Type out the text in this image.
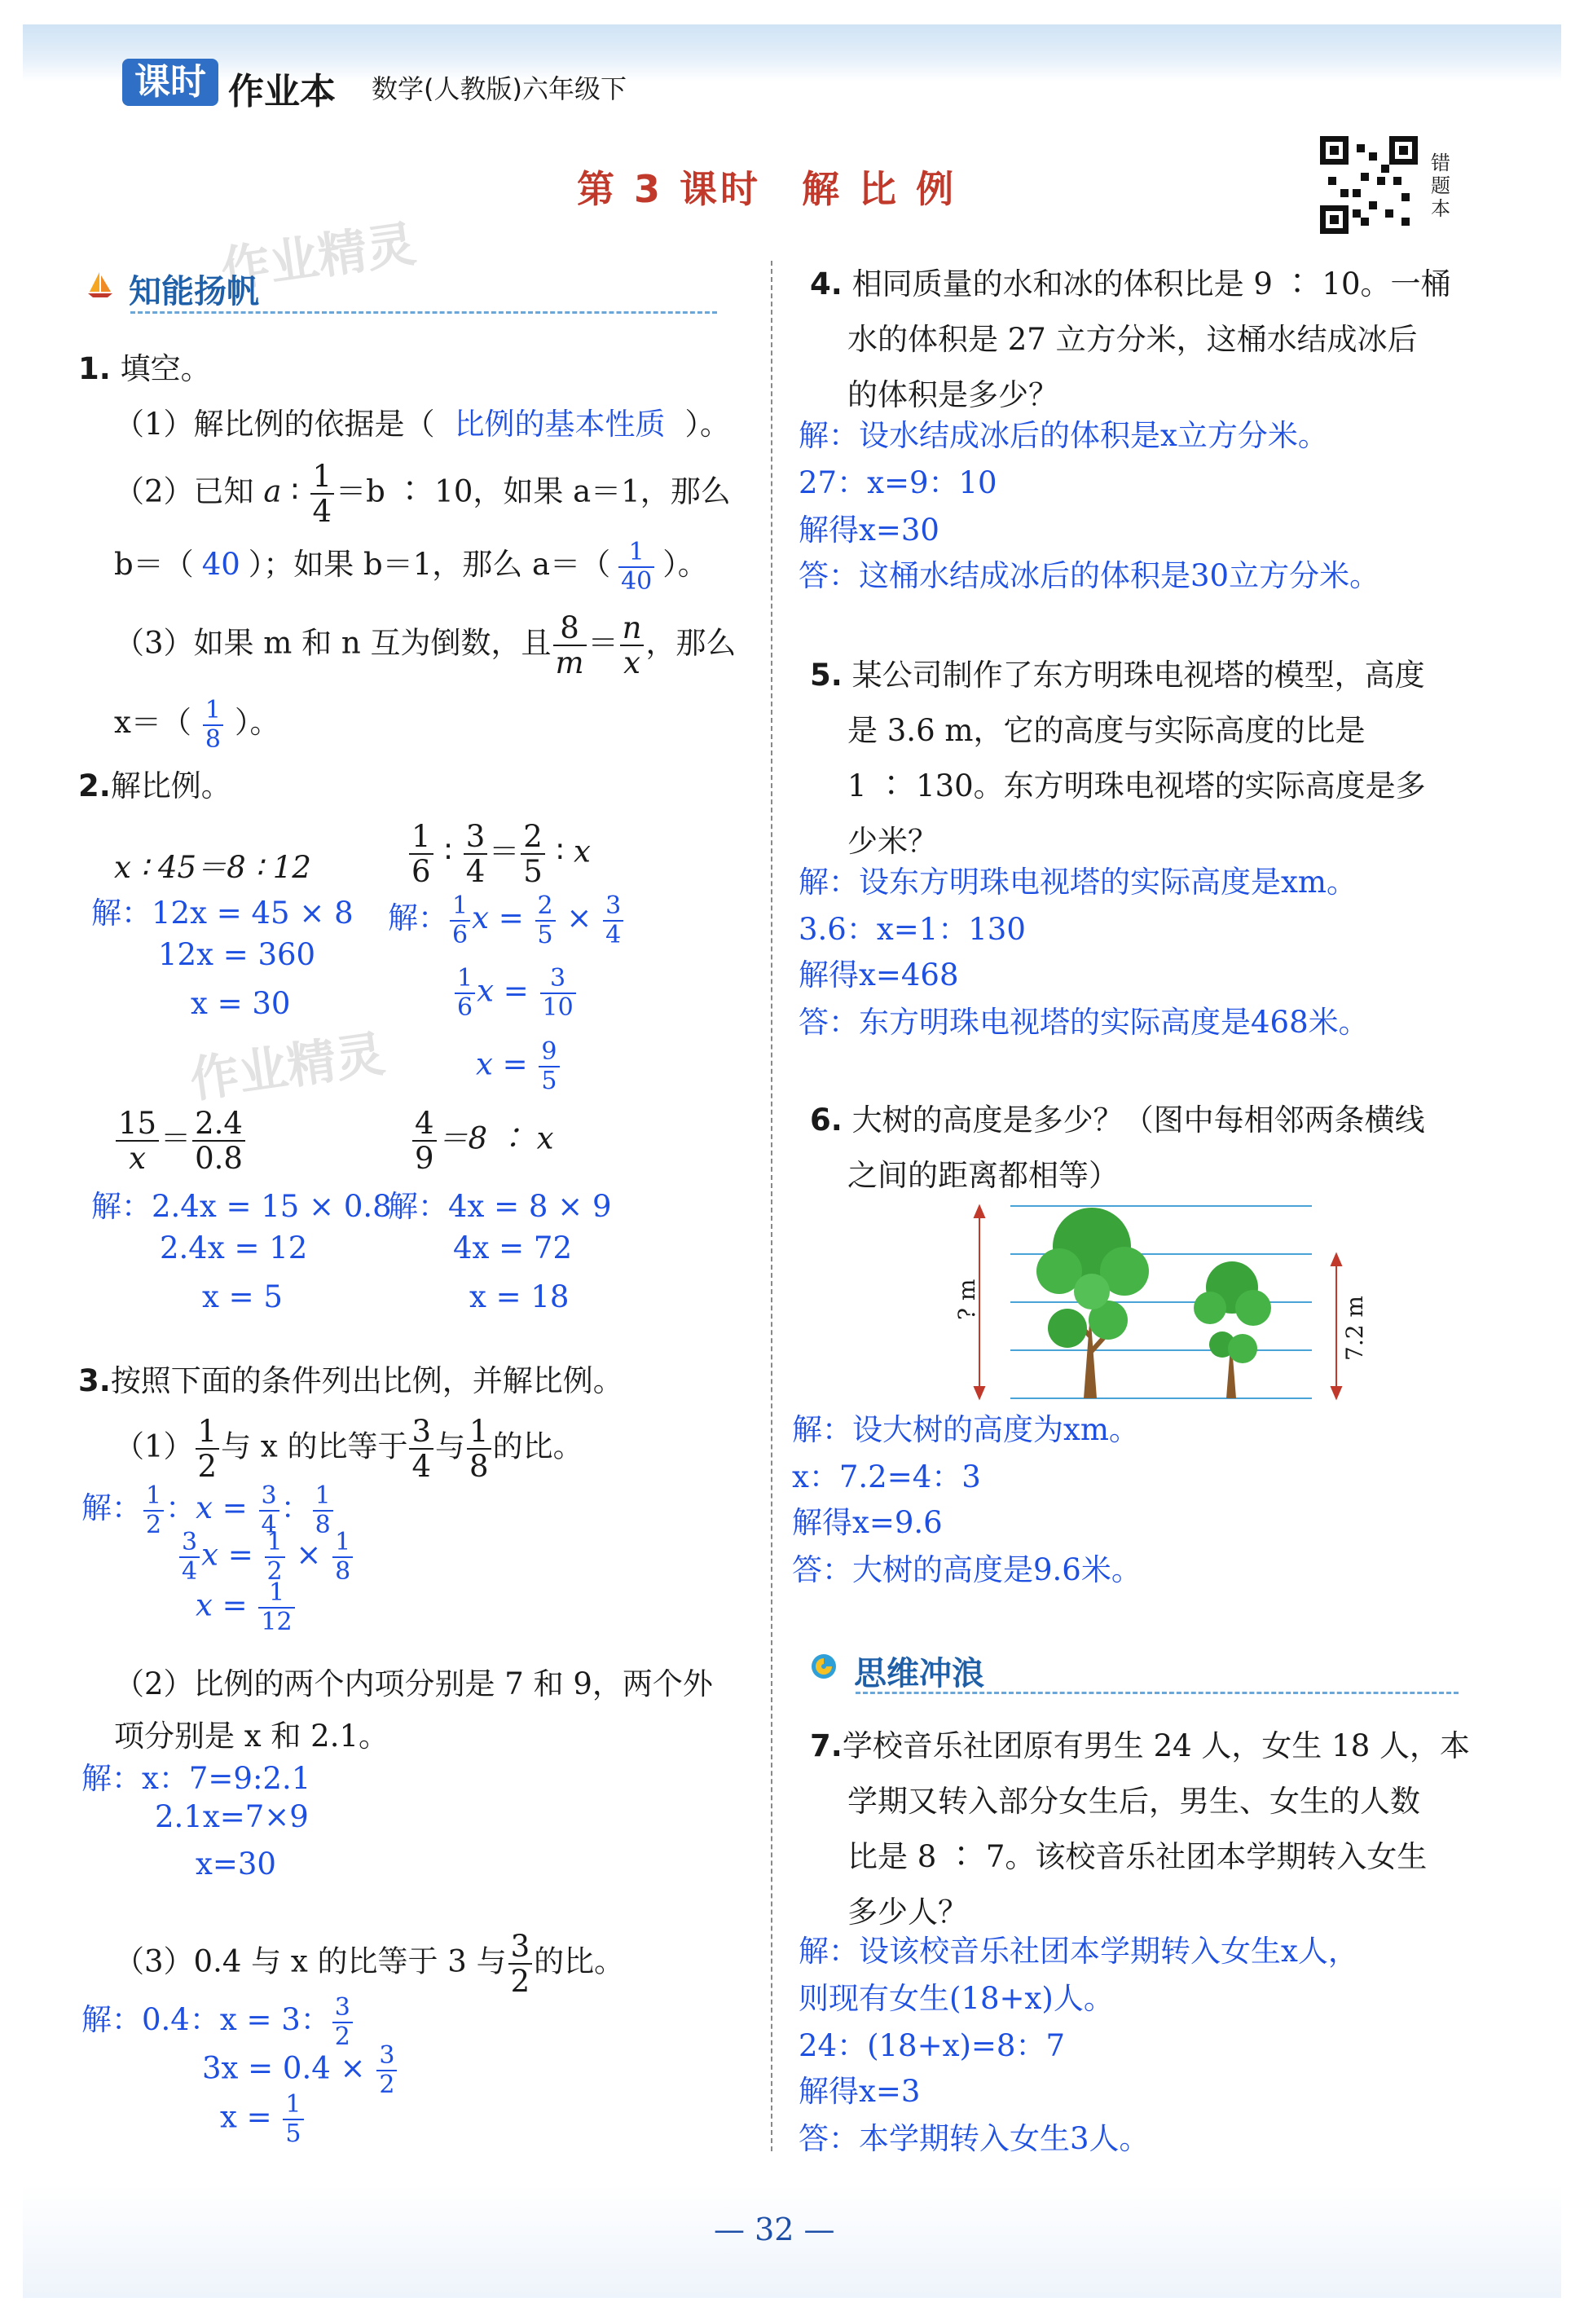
课时 作业本 数学(人教版)六年级下
第 3 课时　解 比 例
错题本
作业精灵
作业精灵
知能扬帆
1. 填空。
（1）解比例的依据是（ 比例的基本性质 ）。
（2）已知 a ∶ $\frac{1}{4} =b$ ∶ 10，如果 a＝1，那么
b＝（ 40 ）；如果 b＝1，那么 $a=( \frac{1}{40}$ ）。
（3）如果 m 和 n 互为倒数，且 $\frac{8}{m} = \frac{n}{x}$ ，那么
$x=( \frac{1}{8}$ ）。
2.解比例。
x ∶ 45＝8 ∶ 12
解：12x = 45 × 8
12x = 360
x = 30
$\frac{1}{6}$ ∶ $\frac{3}{4} = \frac{2}{5}$ ∶ x
解： $\frac{1}{6}$ $x = \frac{2}{5} \times \frac{3}{4}$
$\frac{1}{6}$ $x = \frac{3}{10}$
$x = \frac{9}{5}$
$\frac{15}{x} = \frac{2.4}{0.8}$
解：2.4x = 15 × 0.8
2.4x = 12
x = 5
$\frac{4}{9} =8$ ∶ x
解：4x = 8 × 9
4x = 72
x = 18
3.按照下面的条件列出比例，并解比例。
$(1) \frac{1}{2}$ 与 x 的比等于 $\frac{3}{4}$ 与 $\frac{1}{8}$ 的比。
解： $\frac{1}{2}$ ：$x = \frac{3}{4}$ ： $\frac{1}{8}$
$\frac{3}{4}$ $x = \frac{1}{2} \times \frac{1}{8}$
$x = \frac{1}{12}$
（2）比例的两个内项分别是 7 和 9，两个外
项分别是 x 和 2.1。
解：x：7=9:2.1
2.1x=7×9
x=30
（3）0.4 与 x 的比等于 3 与 $\frac{3}{2}$ 的比。
解：0.4：x = 3： $\frac{3}{2}$
$3x = 0.4 \times \frac{3}{2}$
$x = \frac{1}{5}$
4. 相同质量的水和冰的体积比是 9 ∶ 10。一桶
水的体积是 27 立方分米，这桶水结成冰后
的体积是多少？
解：设水结成冰后的体积是x立方分米。
27：x=9：10
解得x=30
答：这桶水结成冰后的体积是30立方分米。
5. 某公司制作了东方明珠电视塔的模型，高度
是 3.6 m，它的高度与实际高度的比是
1 ∶ 130。东方明珠电视塔的实际高度是多
少米？
解：设东方明珠电视塔的实际高度是xm。
3.6：x=1：130
解得x=468
答：东方明珠电视塔的实际高度是468米。
6. 大树的高度是多少？（图中每相邻两条横线
之间的距离都相等）
? m	7.2 m
解：设大树的高度为xm。
x：7.2=4：3
解得x=9.6
答：大树的高度是9.6米。
思维冲浪
7.学校音乐社团原有男生 24 人，女生 18 人，本
学期又转入部分女生后，男生、女生的人数
比是 8 ∶ 7。该校音乐社团本学期转入女生
多少人？
解：设该校音乐社团本学期转入女生x人，
则现有女生(18+x)人。
24：(18+x)=8：7
解得x=3
答：本学期转入女生3人。
— 32 —
